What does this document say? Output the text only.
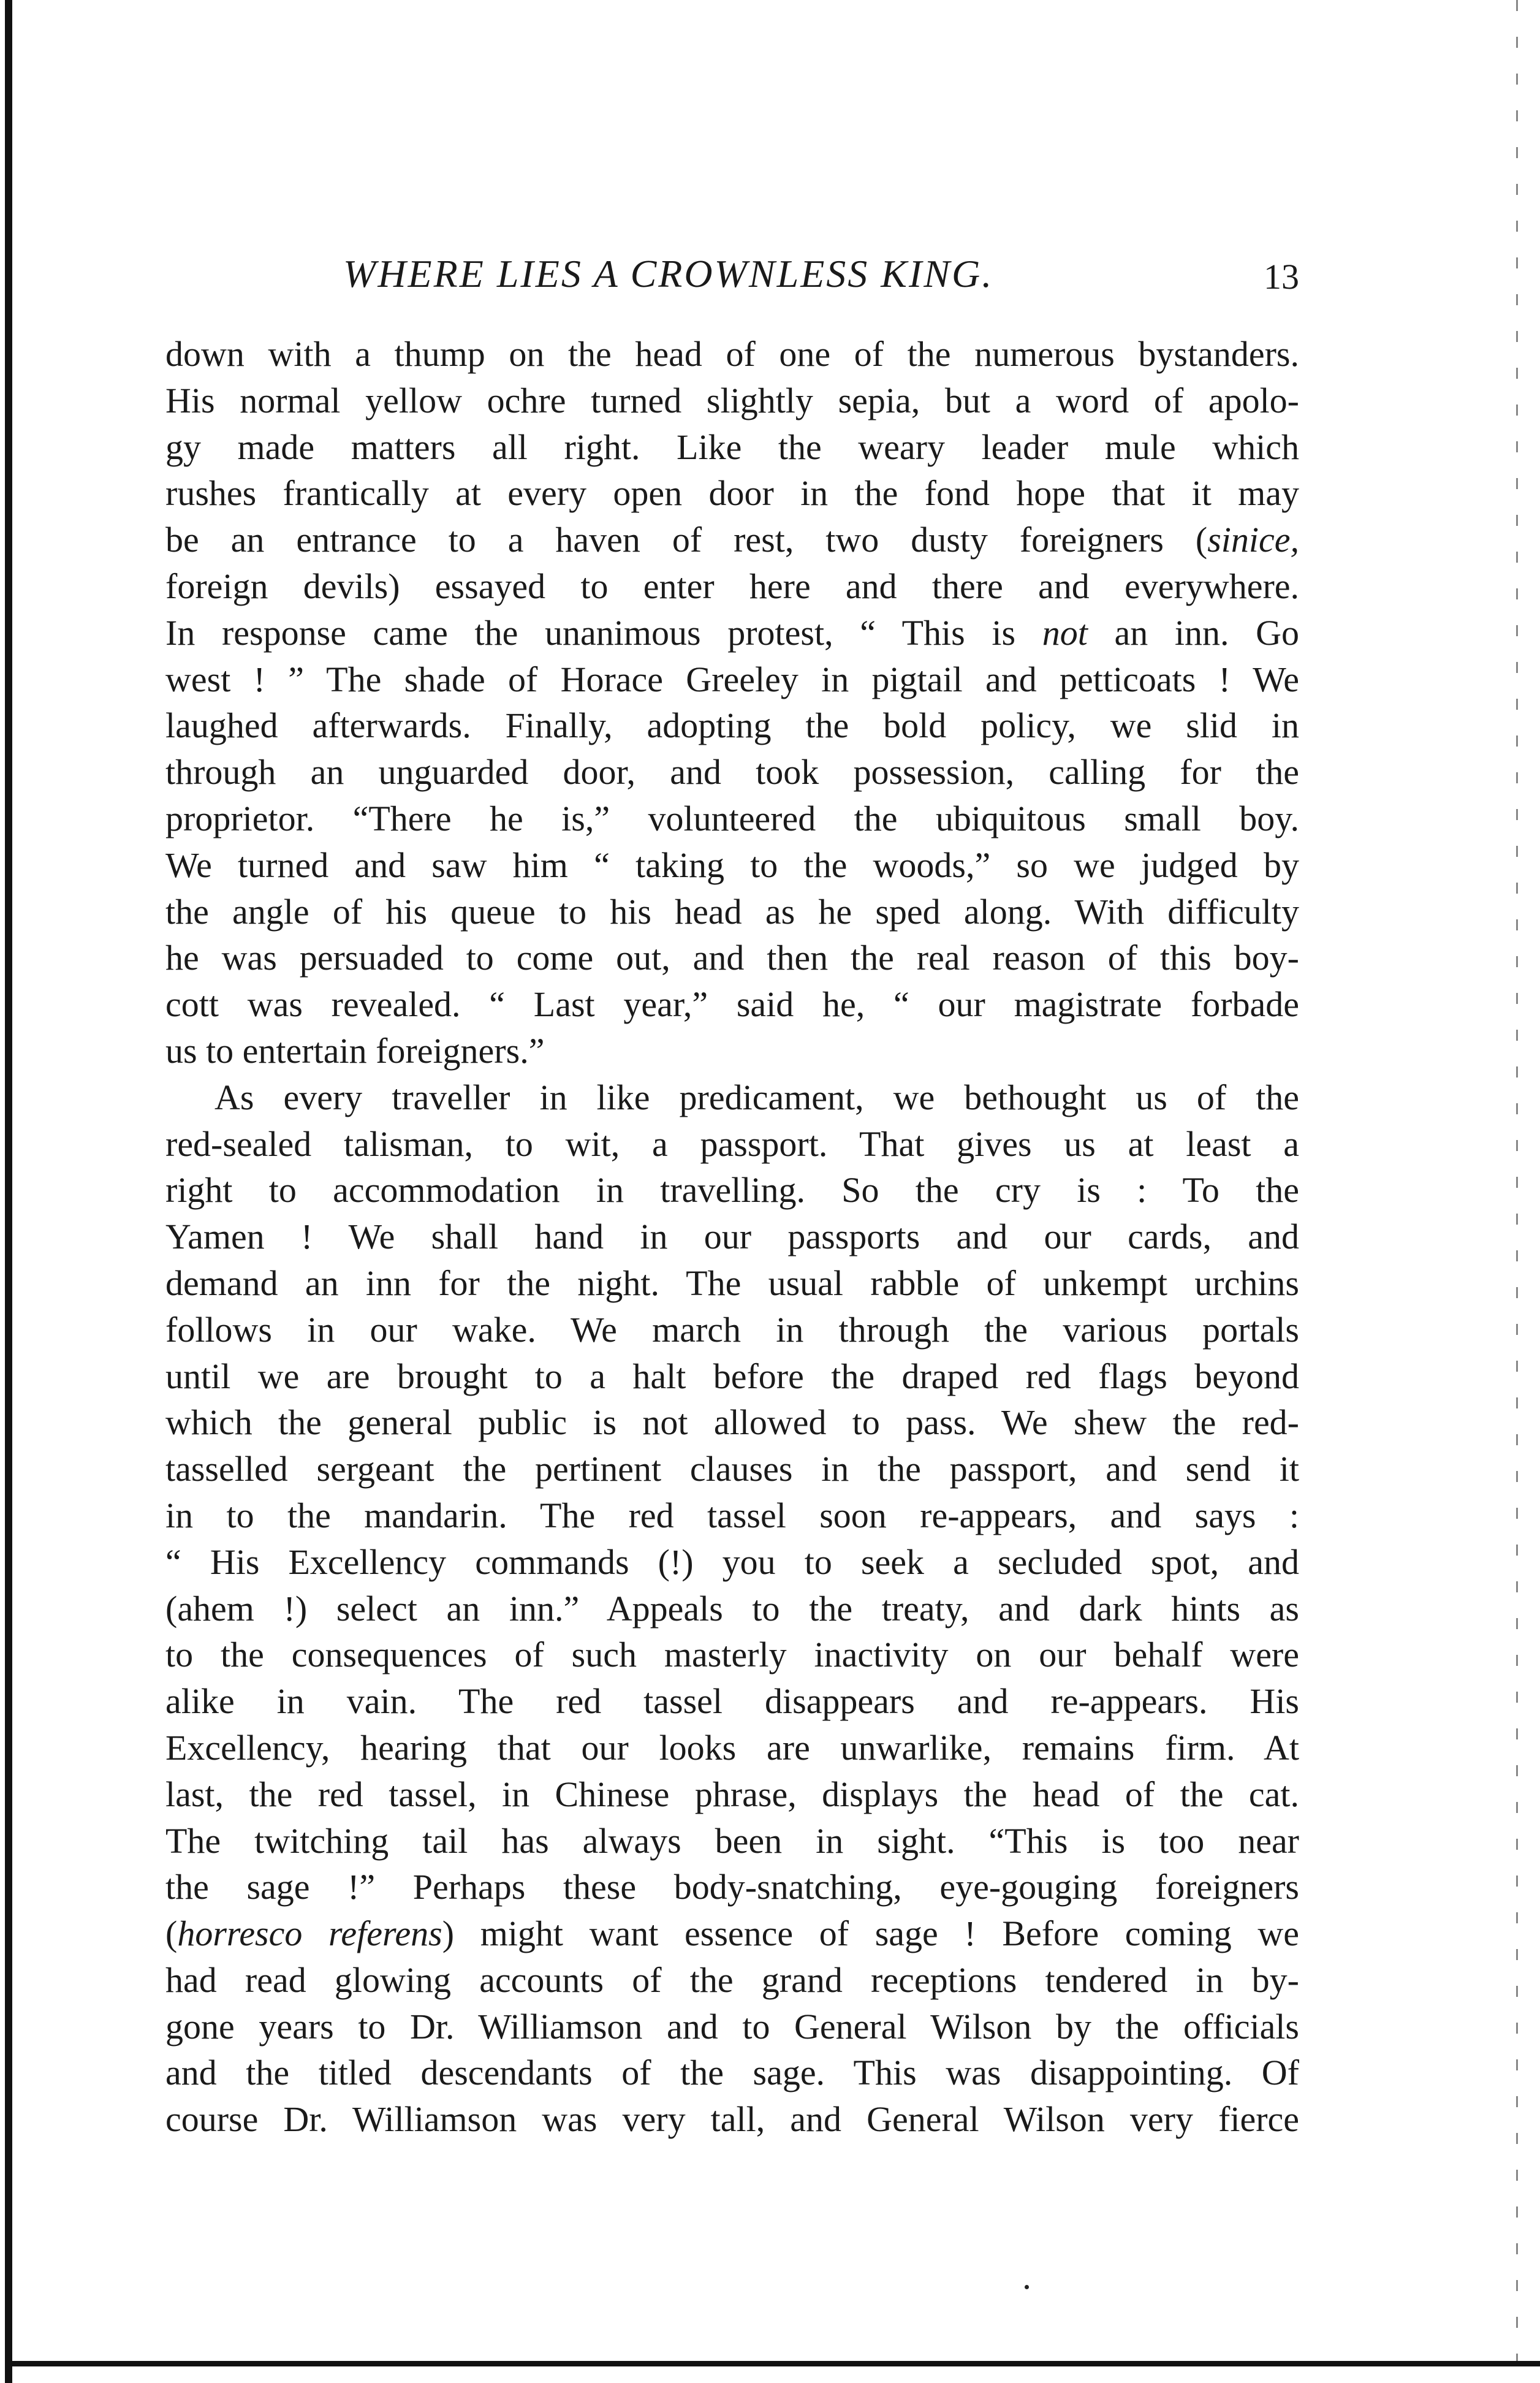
WHERE LIES A CROWNLESS KING.	13
down with a thump on the head of one of the numerous bystanders.
His normal yellow ochre turned slightly sepia, but a word of apolo-
gy made matters all right. Like the weary leader mule which
rushes frantically at every open door in the fond hope that it may
be an entrance to a haven of rest, two dusty foreigners (sinice,
foreign devils) essayed to enter here and there and everywhere.
In response came the unanimous protest, “ This is not an inn. Go
west ! ” The shade of Horace Greeley in pigtail and petticoats ! We
laughed afterwards. Finally, adopting the bold policy, we slid in
through an unguarded door, and took possession, calling for the
proprietor. “There he is,” volunteered the ubiquitous small boy.
We turned and saw him “ taking to the woods,” so we judged by
the angle of his queue to his head as he sped along. With difficulty
he was persuaded to come out, and then the real reason of this boy-
cott was revealed. “ Last year,” said he, “ our magistrate forbade
us to entertain foreigners.”
As every traveller in like predicament, we bethought us of the
red-sealed talisman, to wit, a passport. That gives us at least a
right to accommodation in travelling. So the cry is : To the
Yamen ! We shall hand in our passports and our cards, and
demand an inn for the night. The usual rabble of unkempt urchins
follows in our wake. We march in through the various portals
until we are brought to a halt before the draped red flags beyond
which the general public is not allowed to pass. We shew the red-
tasselled sergeant the pertinent clauses in the passport, and send it
in to the mandarin. The red tassel soon re-appears, and says :
“ His Excellency commands (!) you to seek a secluded spot, and
(ahem !) select an inn.” Appeals to the treaty, and dark hints as
to the consequences of such masterly inactivity on our behalf were
alike in vain. The red tassel disappears and re-appears. His
Excellency, hearing that our looks are unwarlike, remains firm. At
last, the red tassel, in Chinese phrase, displays the head of the cat.
The twitching tail has always been in sight. “This is too near
the sage !” Perhaps these body-snatching, eye-gouging foreigners
(horresco referens) might want essence of sage ! Before coming we
had read glowing accounts of the grand receptions tendered in by-
gone years to Dr. Williamson and to General Wilson by the officials
and the titled descendants of the sage. This was disappointing. Of
course Dr. Williamson was very tall, and General Wilson very fierce
